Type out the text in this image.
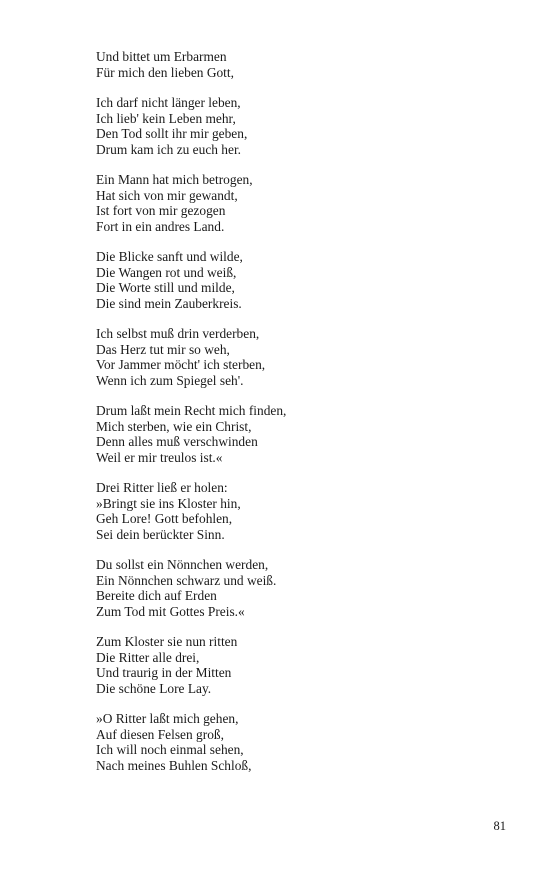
Und bittet um Erbarmen
Für mich den lieben Gott,
Ich darf nicht länger leben,
Ich lieb' kein Leben mehr,
Den Tod sollt ihr mir geben,
Drum kam ich zu euch her.
Ein Mann hat mich betrogen,
Hat sich von mir gewandt,
Ist fort von mir gezogen
Fort in ein andres Land.
Die Blicke sanft und wilde,
Die Wangen rot und weiß,
Die Worte still und milde,
Die sind mein Zauberkreis.
Ich selbst muß drin verderben,
Das Herz tut mir so weh,
Vor Jammer möcht' ich sterben,
Wenn ich zum Spiegel seh'.
Drum laßt mein Recht mich finden,
Mich sterben, wie ein Christ,
Denn alles muß verschwinden
Weil er mir treulos ist.«
Drei Ritter ließ er holen:
»Bringt sie ins Kloster hin,
Geh Lore! Gott befohlen,
Sei dein berückter Sinn.
Du sollst ein Nönnchen werden,
Ein Nönnchen schwarz und weiß.
Bereite dich auf Erden
Zum Tod mit Gottes Preis.«
Zum Kloster sie nun ritten
Die Ritter alle drei,
Und traurig in der Mitten
Die schöne Lore Lay.
»O Ritter laßt mich gehen,
Auf diesen Felsen groß,
Ich will noch einmal sehen,
Nach meines Buhlen Schloß,
81
